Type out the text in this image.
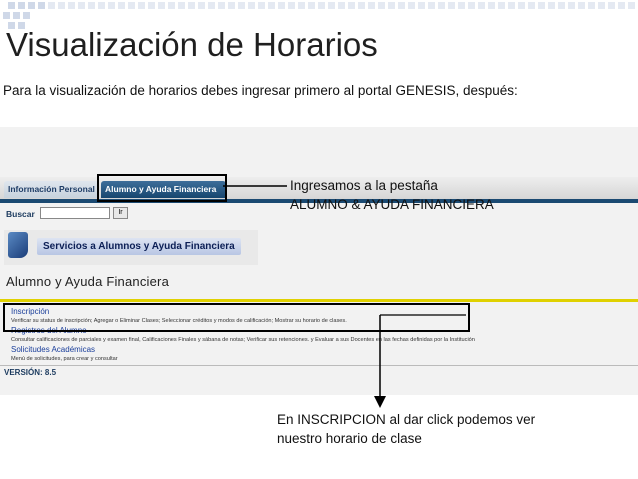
Visualización de Horarios
Para la visualización de horarios debes ingresar primero al portal GENESIS, después:
Información Personal	Alumno y Ayuda Financiera
Buscar	Ir
Servicios a Alumnos y Ayuda Financiera
Alumno y Ayuda Financiera
Inscripción
Verificar su status de inscripción; Agregar o Eliminar Clases; Seleccionar créditos y modos de calificación; Mostrar su horario de clases.
Registros del Alumno
Consultar calificaciones de parciales y examen final, Calificaciones Finales y sábana de notas; Verificar sus retenciones. y Evaluar a sus Docentes en las fechas definidas por la Institución
Solicitudes Académicas
Menú de solicitudes, para crear y consultar
VERSIÓN: 8.5
Ingresamos a la pestaña
ALUMNO & AYUDA FINANCIERA
En INSCRIPCION al dar click podemos ver
nuestro horario de clase
